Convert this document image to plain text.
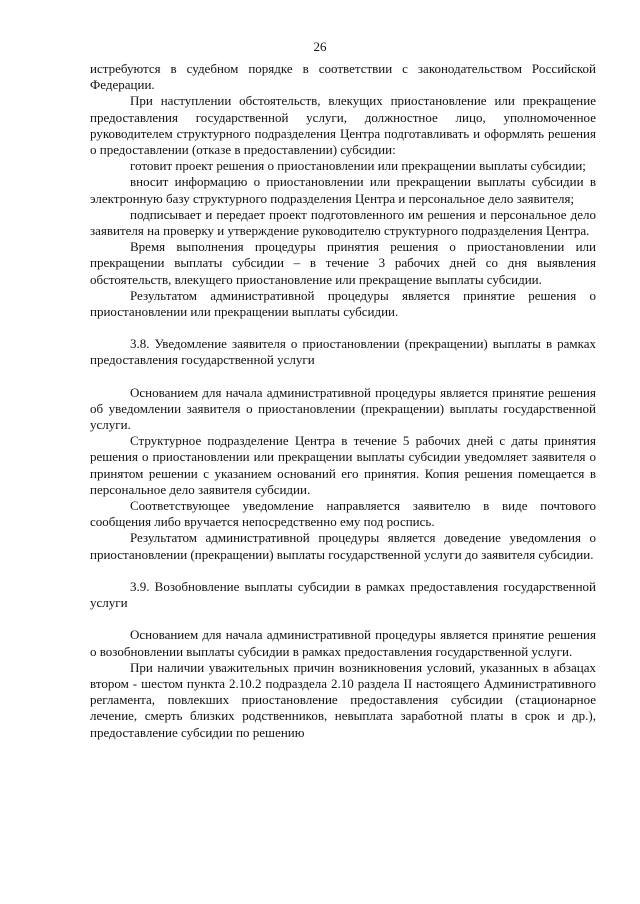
26

истребуются в судебном порядке в соответствии с законодательством Российской Федерации.

При наступлении обстоятельств, влекущих приостановление или прекращение предоставления государственной услуги, должностное лицо, уполномоченное руководителем структурного подразделения Центра подготавливать и оформлять решения о предоставлении (отказе в предоставлении) субсидии:

готовит проект решения о приостановлении или прекращении выплаты субсидии;

вносит информацию о приостановлении или прекращении выплаты субсидии в электронную базу структурного подразделения Центра и персональное дело заявителя;

подписывает и передает проект подготовленного им решения и персональное дело заявителя на проверку и утверждение руководителю структурного подразделения Центра.

Время выполнения процедуры принятия решения о приостановлении или прекращении выплаты субсидии – в течение 3 рабочих дней со дня выявления обстоятельств, влекущего приостановление или прекращение выплаты субсидии.

Результатом административной процедуры является принятие решения о приостановлении или прекращении выплаты субсидии.

3.8. Уведомление заявителя о приостановлении (прекращении) выплаты в рамках предоставления государственной услуги

Основанием для начала административной процедуры является принятие решения об уведомлении заявителя о приостановлении (прекращении) выплаты государственной услуги.

Структурное подразделение Центра в течение 5 рабочих дней с даты принятия решения о приостановлении или прекращении выплаты субсидии уведомляет заявителя о принятом решении с указанием оснований его принятия. Копия решения помещается в персональное дело заявителя субсидии.

Соответствующее уведомление направляется заявителю в виде почтового сообщения либо вручается непосредственно ему под роспись.

Результатом административной процедуры является доведение уведомления о приостановлении (прекращении) выплаты государственной услуги до заявителя субсидии.

3.9. Возобновление выплаты субсидии в рамках предоставления государственной услуги

Основанием для начала административной процедуры является принятие решения о возобновлении выплаты субсидии в рамках предоставления государственной услуги.

При наличии уважительных причин возникновения условий, указанных в абзацах втором - шестом пункта 2.10.2 подраздела 2.10 раздела II настоящего Административного регламента, повлекших приостановление предоставления субсидии (стационарное лечение, смерть близких родственников, невыплата заработной платы в срок и др.), предоставление субсидии по решению
